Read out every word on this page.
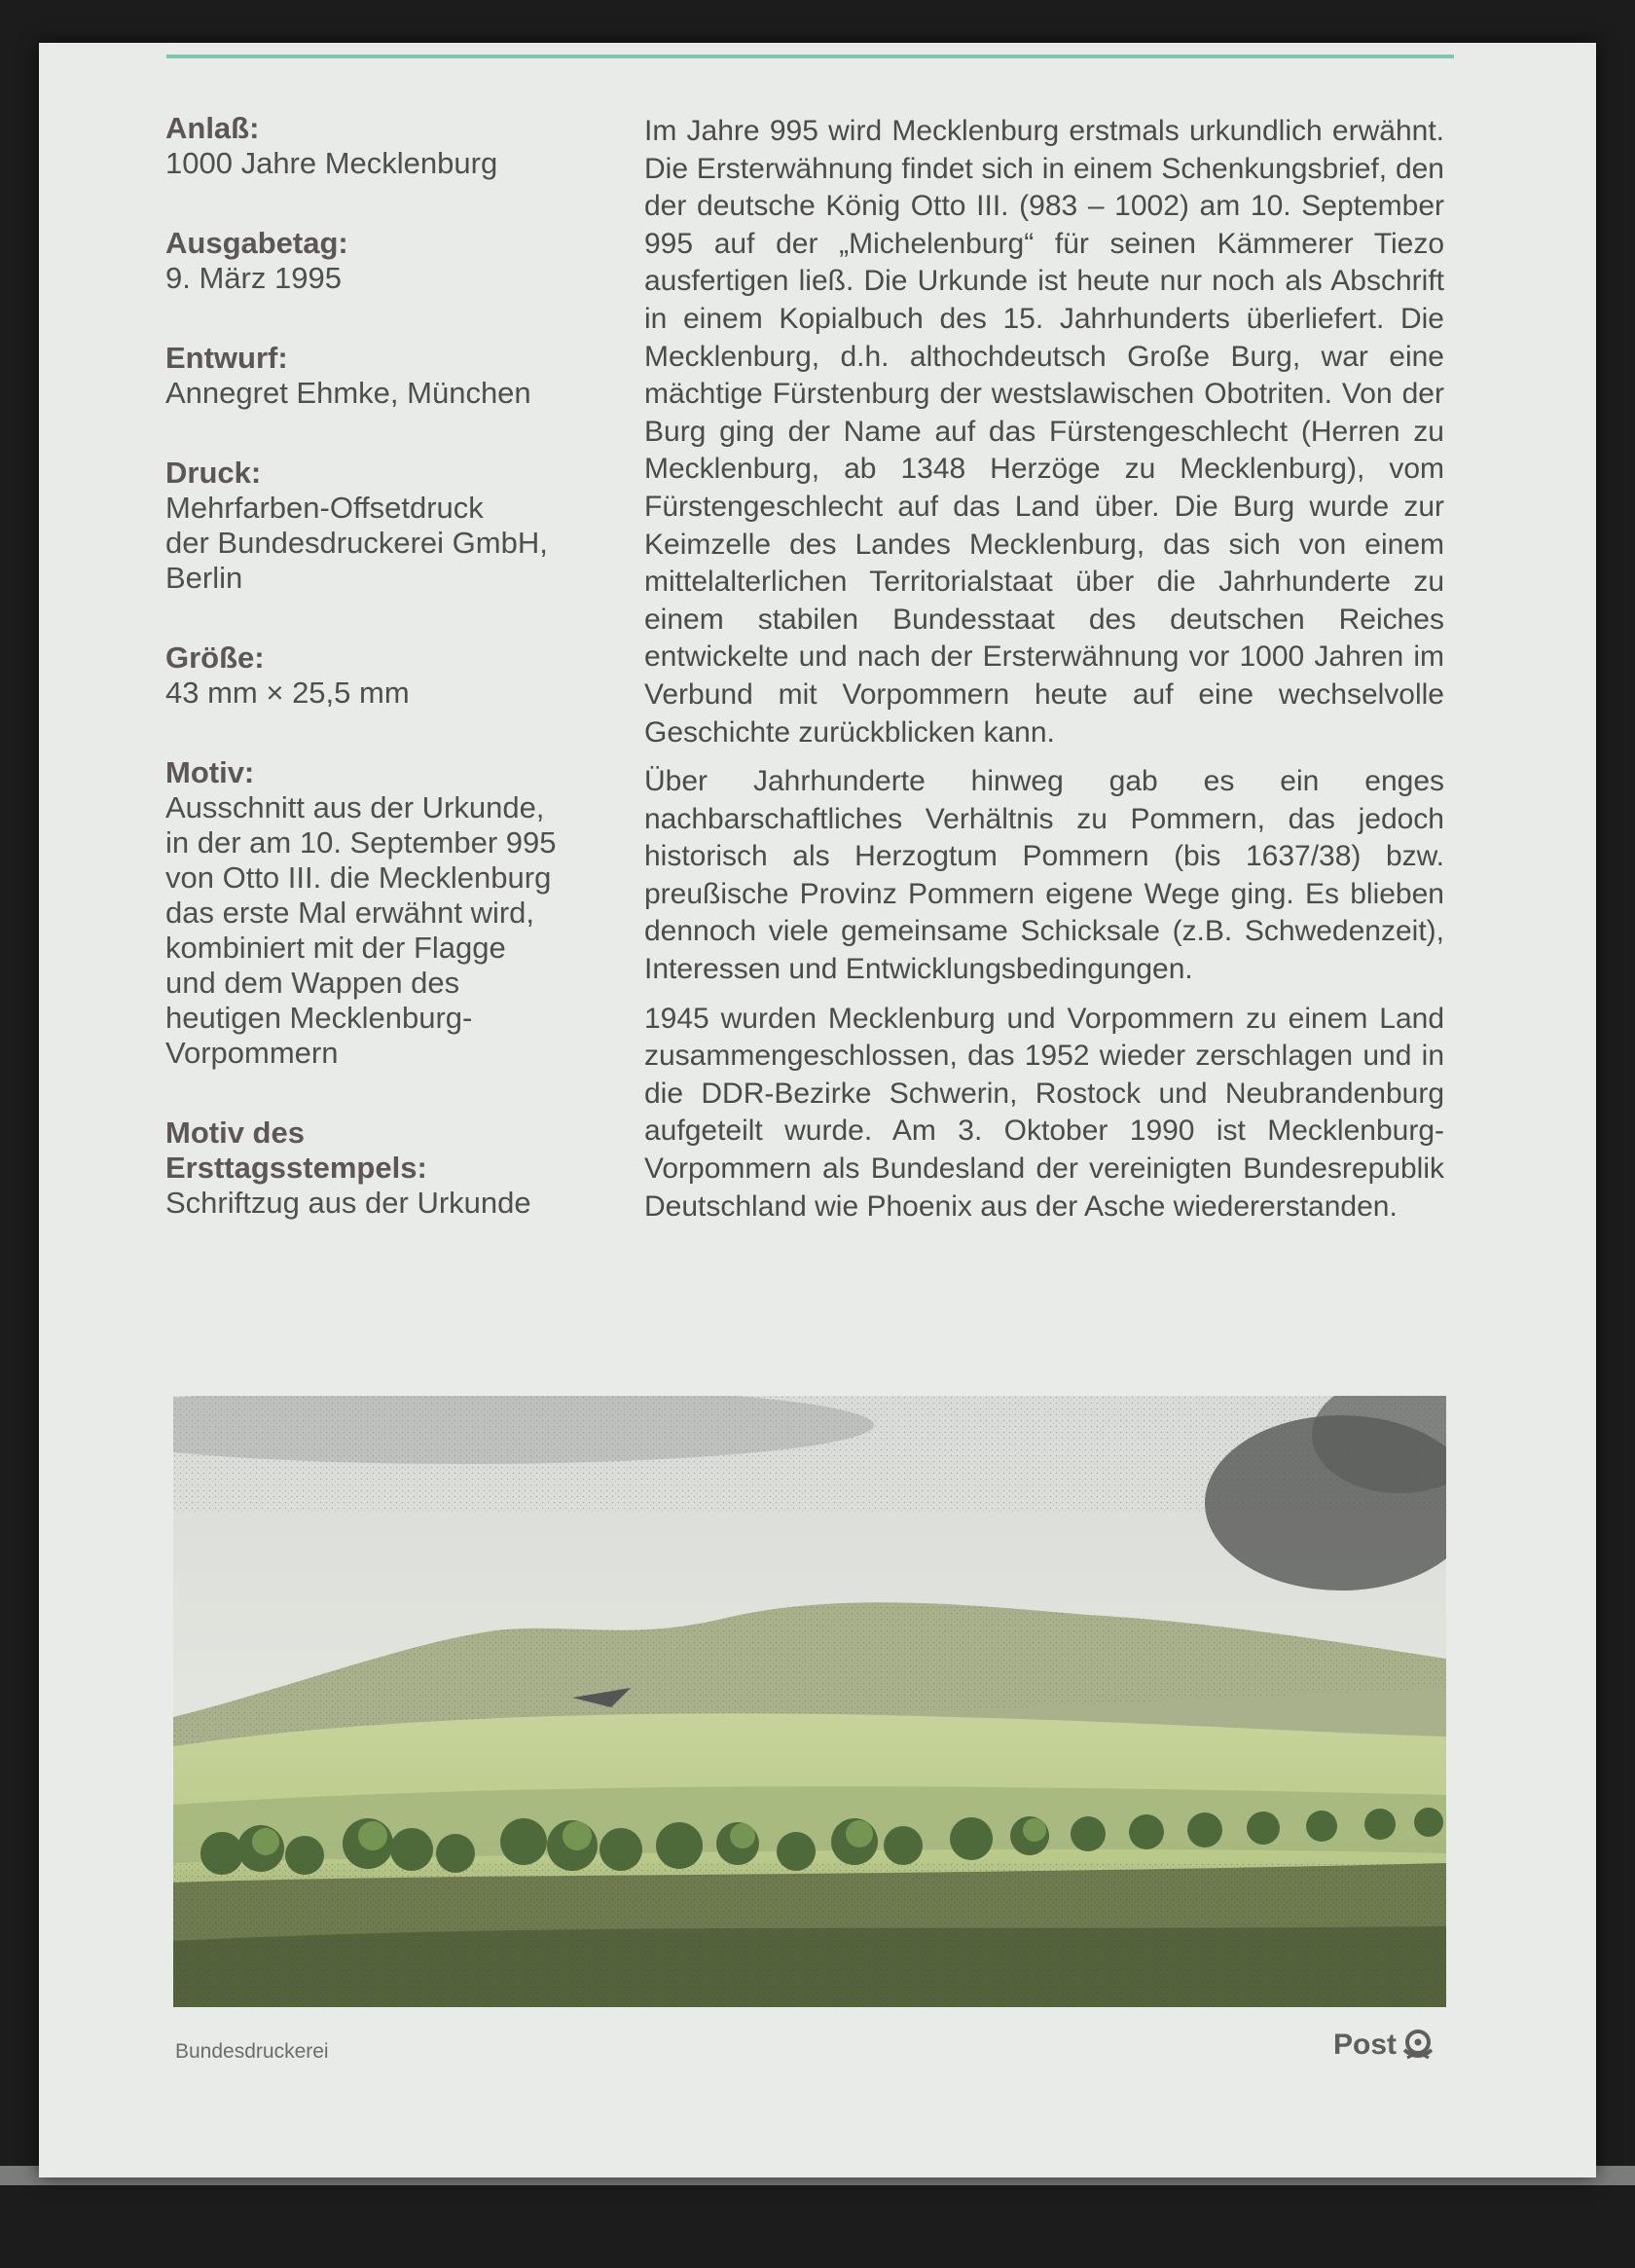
Anlaß:
1000 Jahre Mecklenburg
Ausgabetag:
9. März 1995
Entwurf:
Annegret Ehmke, München
Druck:
Mehrfarben-Offsetdruck
der Bundesdruckerei GmbH,
Berlin
Größe:
43 mm × 25,5 mm
Motiv:
Ausschnitt aus der Urkunde,
in der am 10. September 995
von Otto III. die Mecklenburg
das erste Mal erwähnt wird,
kombiniert mit der Flagge
und dem Wappen des
heutigen Mecklenburg-
Vorpommern
Motiv des
Ersttagsstempels:
Schriftzug aus der Urkunde

Im Jahre 995 wird Mecklenburg erstmals urkundlich erwähnt. Die Ersterwähnung findet sich in einem Schenkungsbrief, den der deutsche König Otto III. (983 – 1002) am 10. September 995 auf der „Michelenburg“ für seinen Kämmerer Tiezo ausfertigen ließ. Die Urkunde ist heute nur noch als Abschrift in einem Kopialbuch des 15. Jahrhunderts überliefert. Die Mecklenburg, d.h. althochdeutsch Große Burg, war eine mächtige Fürstenburg der westslawischen Obotriten. Von der Burg ging der Name auf das Fürstengeschlecht (Herren zu Mecklenburg, ab 1348 Herzöge zu Mecklenburg), vom Fürstengeschlecht auf das Land über. Die Burg wurde zur Keimzelle des Landes Mecklenburg, das sich von einem mittelalterlichen Territorialstaat über die Jahrhunderte zu einem stabilen Bundesstaat des deutschen Reiches entwickelte und nach der Ersterwähnung vor 1000 Jahren im Verbund mit Vorpommern heute auf eine wechselvolle Geschichte zurückblicken kann.

Über Jahrhunderte hinweg gab es ein enges nachbarschaftliches Verhältnis zu Pommern, das jedoch historisch als Herzogtum Pommern (bis 1637/38) bzw. preußische Provinz Pommern eigene Wege ging. Es blieben dennoch viele gemeinsame Schicksale (z.B. Schwedenzeit), Interessen und Entwicklungsbedingungen.

1945 wurden Mecklenburg und Vorpommern zu einem Land zusammengeschlossen, das 1952 wieder zerschlagen und in die DDR-Bezirke Schwerin, Rostock und Neubrandenburg aufgeteilt wurde. Am 3. Oktober 1990 ist Mecklenburg-Vorpommern als Bundesland der vereinigten Bundesrepublik Deutschland wie Phoenix aus der Asche wiedererstanden.

Bundesdruckerei	Post
